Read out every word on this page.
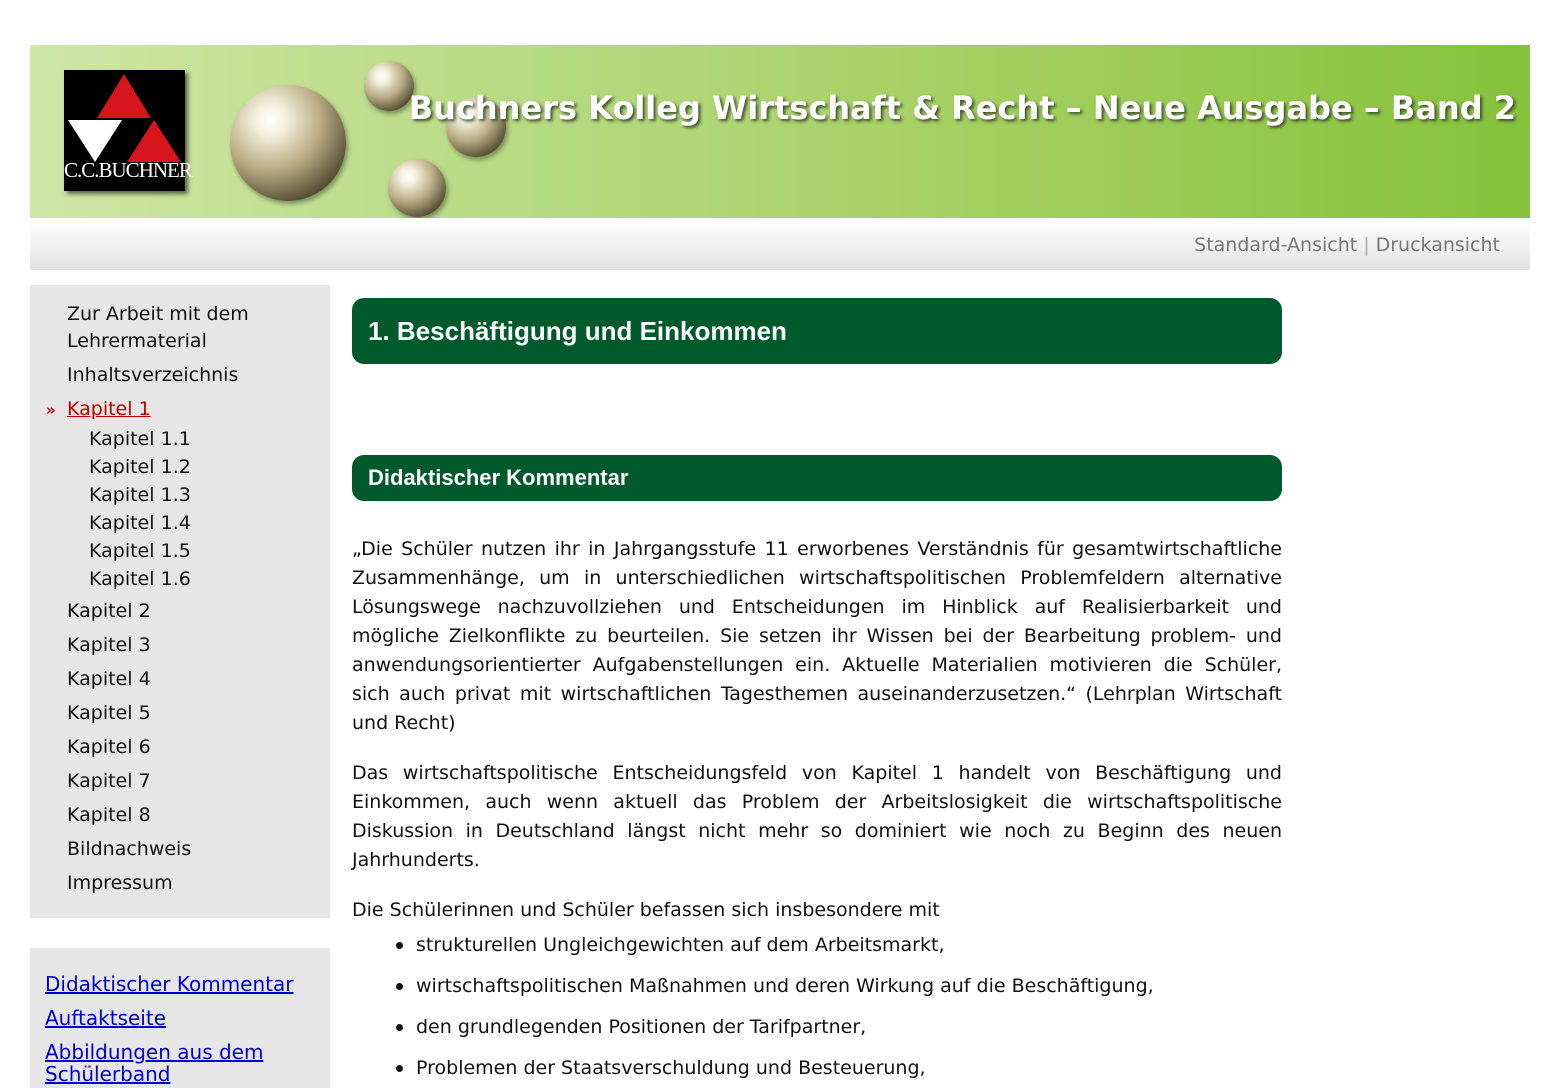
C.C.BUCHNER
Buchners Kolleg Wirtschaft & Recht – Neue Ausgabe – Band 2
Standard-Ansicht | Druckansicht
Zur Arbeit mit dem Lehrermaterial
Inhaltsverzeichnis
» Kapitel 1
Kapitel 1.1
Kapitel 1.2
Kapitel 1.3
Kapitel 1.4
Kapitel 1.5
Kapitel 1.6
Kapitel 2
Kapitel 3
Kapitel 4
Kapitel 5
Kapitel 6
Kapitel 7
Kapitel 8
Bildnachweis
Impressum
Didaktischer Kommentar
Auftaktseite
Abbildungen aus dem Schülerband
1. Beschäftigung und Einkommen
Didaktischer Kommentar
„Die Schüler nutzen ihr in Jahrgangsstufe 11 erworbenes Verständnis für gesamtwirtschaftliche Zusammenhänge, um in unterschiedlichen wirtschaftspolitischen Problemfeldern alternative Lösungswege nachzuvollziehen und Entscheidungen im Hinblick auf Realisierbarkeit und mögliche Zielkonflikte zu beurteilen. Sie setzen ihr Wissen bei der Bearbeitung problem- und anwendungsorientierter Aufgabenstellungen ein. Aktuelle Materialien motivieren die Schüler, sich auch privat mit wirtschaftlichen Tagesthemen auseinanderzusetzen.“ (Lehrplan Wirtschaft und Recht)
Das wirtschaftspolitische Entscheidungsfeld von Kapitel 1 handelt von Beschäftigung und Einkommen, auch wenn aktuell das Problem der Arbeitslosigkeit die wirtschaftspolitische Diskussion in Deutschland längst nicht mehr so dominiert wie noch zu Beginn des neuen Jahrhunderts.
Die Schülerinnen und Schüler befassen sich insbesondere mit
strukturellen Ungleichgewichten auf dem Arbeitsmarkt,
wirtschaftspolitischen Maßnahmen und deren Wirkung auf die Beschäftigung,
den grundlegenden Positionen der Tarifpartner,
Problemen der Staatsverschuldung und Besteuerung,
